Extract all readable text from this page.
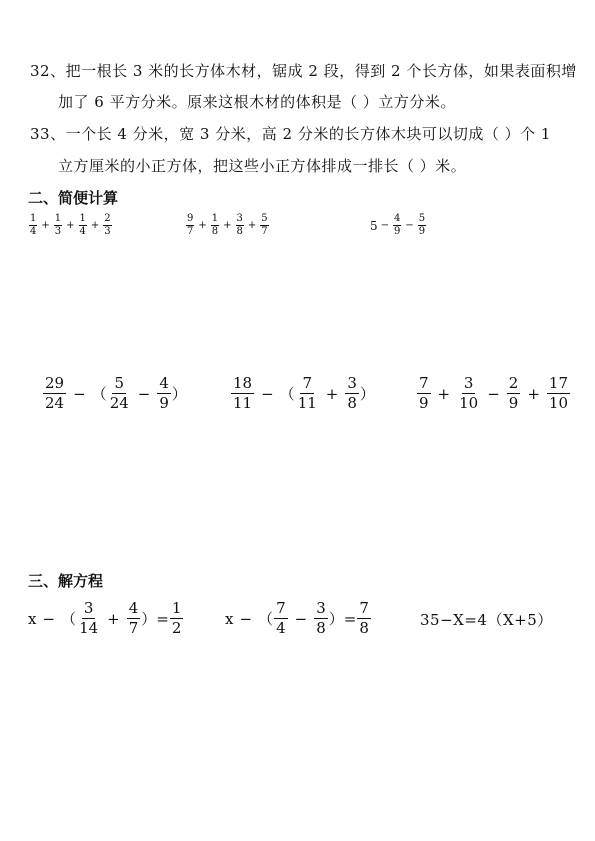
32、把一根长 3 米的长方体木材，锯成 2 段，得到 2 个长方体，如果表面积增
加了 6 平方分米。原来这根木材的体积是（ ）立方分米。
33、一个长 4 分米，宽 3 分米，高 2 分米的长方体木块可以切成（ ）个 1
立方厘米的小正方体，把这些小正方体排成一排长（ ）米。
二、简便计算
$\frac{1}{4} + \frac{1}{3} + \frac{1}{4} + \frac{2}{3}$	$\frac{9}{7} + \frac{1}{8} + \frac{3}{8} + \frac{5}{7}$	$5 - \frac{4}{9} - \frac{5}{9}$
$\frac{29}{24}$ − （ $\frac{5}{24} - \frac{4}{9}$ ）	$\frac{18}{11}$ − （ $\frac{7}{11} + \frac{3}{8}$ ）	$\frac{7}{9} + \frac{3}{10} - \frac{2}{9} + \frac{17}{10}$
三、解方程
x − （ $\frac{3}{14} + \frac{4}{7}$ ） = $\frac{1}{2}$	x − （ $\frac{7}{4} - \frac{3}{8}$ ） = $\frac{7}{8}$	35−X=4（X+5）
